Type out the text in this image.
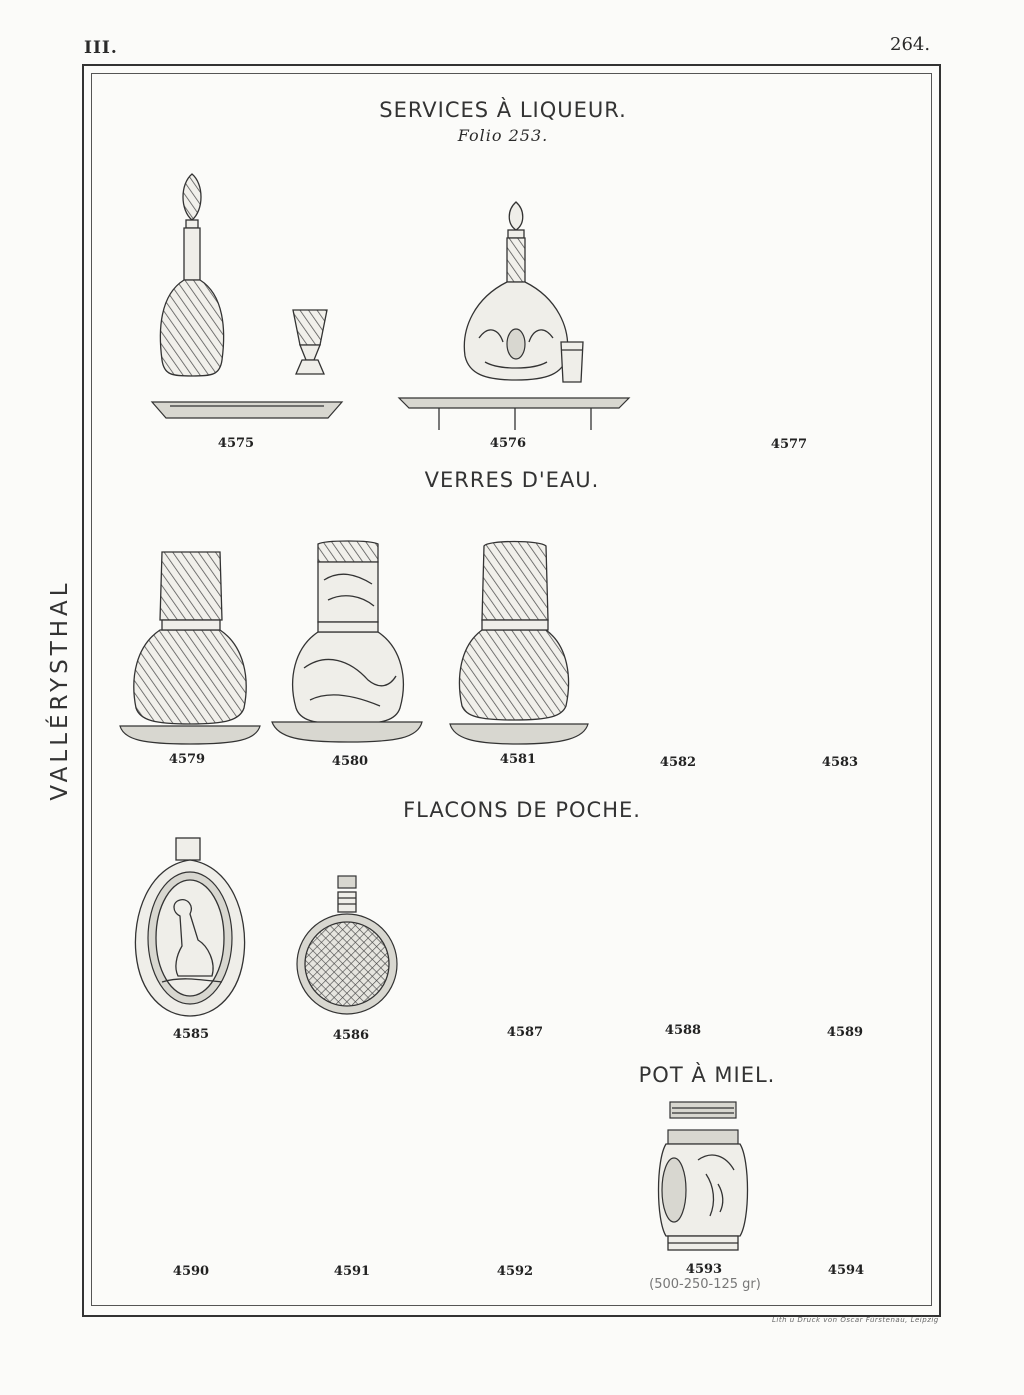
III.	264.
VALLÉRYSTHAL
SERVICES À LIQUEUR.
Folio 253.
VERRES D'EAU.
FLACONS DE POCHE.
POT À MIEL.
4575	4576	4577
4579	4580	4581	4582	4583
4585	4586	4587	4588	4589
4590	4591	4592	4593	4594
(500-250-125 gr)
Lith u Druck von Oscar Fürstenau, Leipzig
